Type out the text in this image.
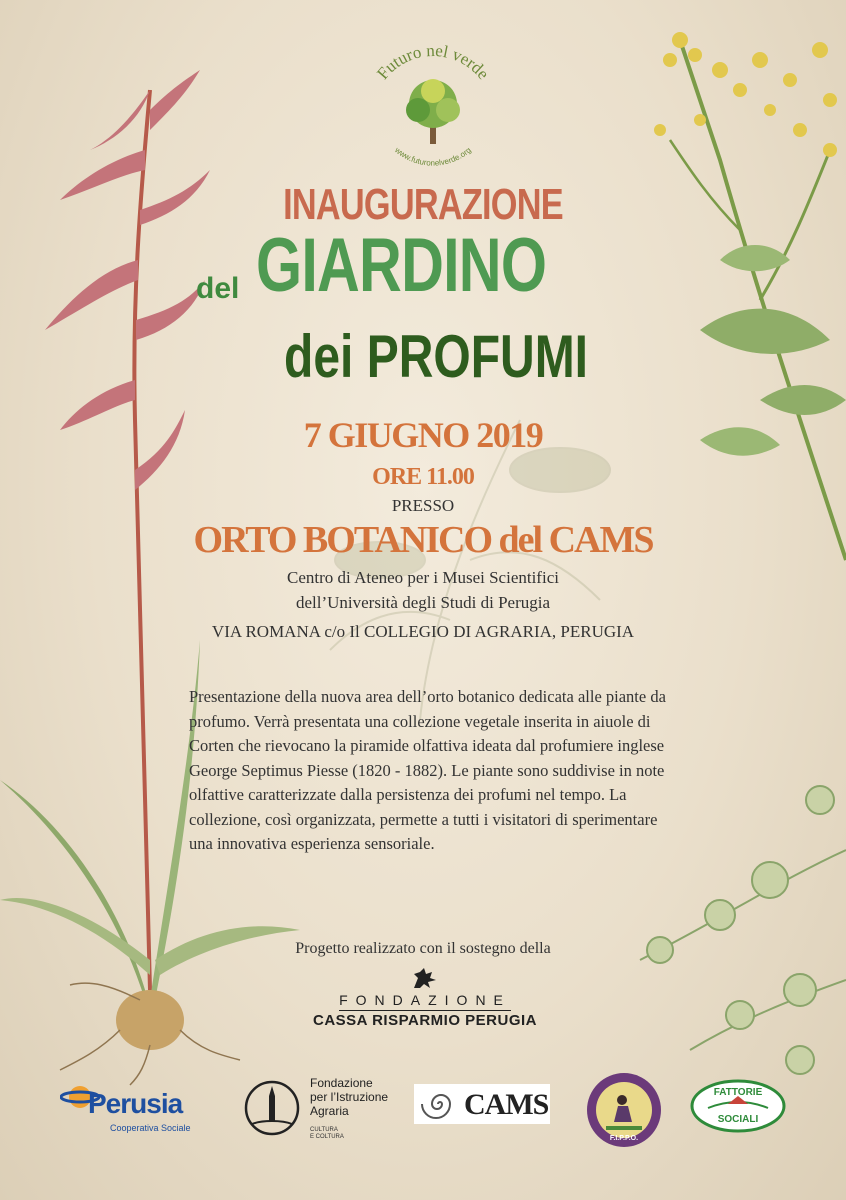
Futuro nel verde
www.futuronelverde.org
INAUGURAZIONE
del GIARDINO
dei PROFUMI
7 GIUGNO 2019
ORE 11.00
PRESSO
ORTO BOTANICO del CAMS
Centro di Ateneo per i Musei Scientifici
dell’Università degli Studi di Perugia
VIA ROMANA c/o Il COLLEGIO DI AGRARIA, PERUGIA
Presentazione della nuova area dell’orto botanico dedicata alle piante da profumo. Verrà presentata una collezione vegetale inserita in aiuole di Corten che rievocano la piramide olfattiva ideata dal profumiere inglese George Septimus Piesse (1820 - 1882). Le piante sono suddivise in note olfattive caratterizzate dalla persistenza dei profumi nel tempo. La collezione, così organizzata, permette a tutti i visitatori di sperimentare una innovativa esperienza sensoriale.
Progetto realizzato con il sostegno della
FONDAZIONE
CASSA RISPARMIO PERUGIA
Perusia
Cooperativa Sociale
Fondazione
per l’Istruzione
Agraria
CULTURA
E COLTURA
CAMS
F.I.P.P.O.
FATTORIE
SOCIALI
